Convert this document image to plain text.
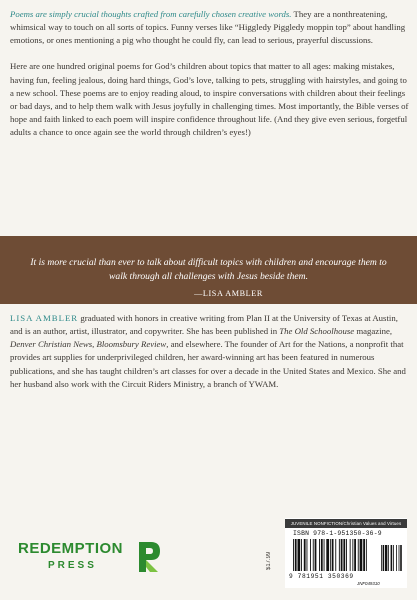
Poems are simply crucial thoughts crafted from carefully chosen creative words. They are a nonthreatening, whimsical way to touch on all sorts of topics. Funny verses like “Higgledy Piggledy moppin top” about handling emotions, or ones mentioning a pig who thought he could fly, can lead to serious, prayerful discussions.

Here are one hundred original poems for God’s children about topics that matter to all ages: making mistakes, having fun, feeling jealous, doing hard things, God’s love, talking to pets, struggling with hairstyles, and going to a new school. These poems are to enjoy reading aloud, to inspire conversations with children about their feelings or bad days, and to help them walk with Jesus joyfully in challenging times. Most importantly, the Bible verses of hope and faith linked to each poem will inspire confidence throughout life. (And they give even serious, forgetful adults a chance to once again see the world through children’s eyes!)

It is more crucial than ever to talk about difficult topics with children and encourage them to walk through all challenges with Jesus beside them.
—LISA AMBLER
LISA AMBLER graduated with honors in creative writing from Plan II at the University of Texas at Austin, and is an author, artist, illustrator, and copywriter. She has been published in The Old Schoolhouse magazine, Denver Christian News, Bloomsbury Review, and elsewhere. The founder of Art for the Nations, a nonprofit that provides art supplies for underprivileged children, her award-winning art has been featured in numerous publications, and she has taught children’s art classes for over a decade in the United States and Mexico. She and her husband also work with the Circuit Riders Ministry, a branch of YWAM.
REDEMPTION
PRESS	$17.99
JUVENILE NONFICTION/Christian Values and Virtues
ISBN 978-1-951350-36-9
9 781951 350369
JNF049310
